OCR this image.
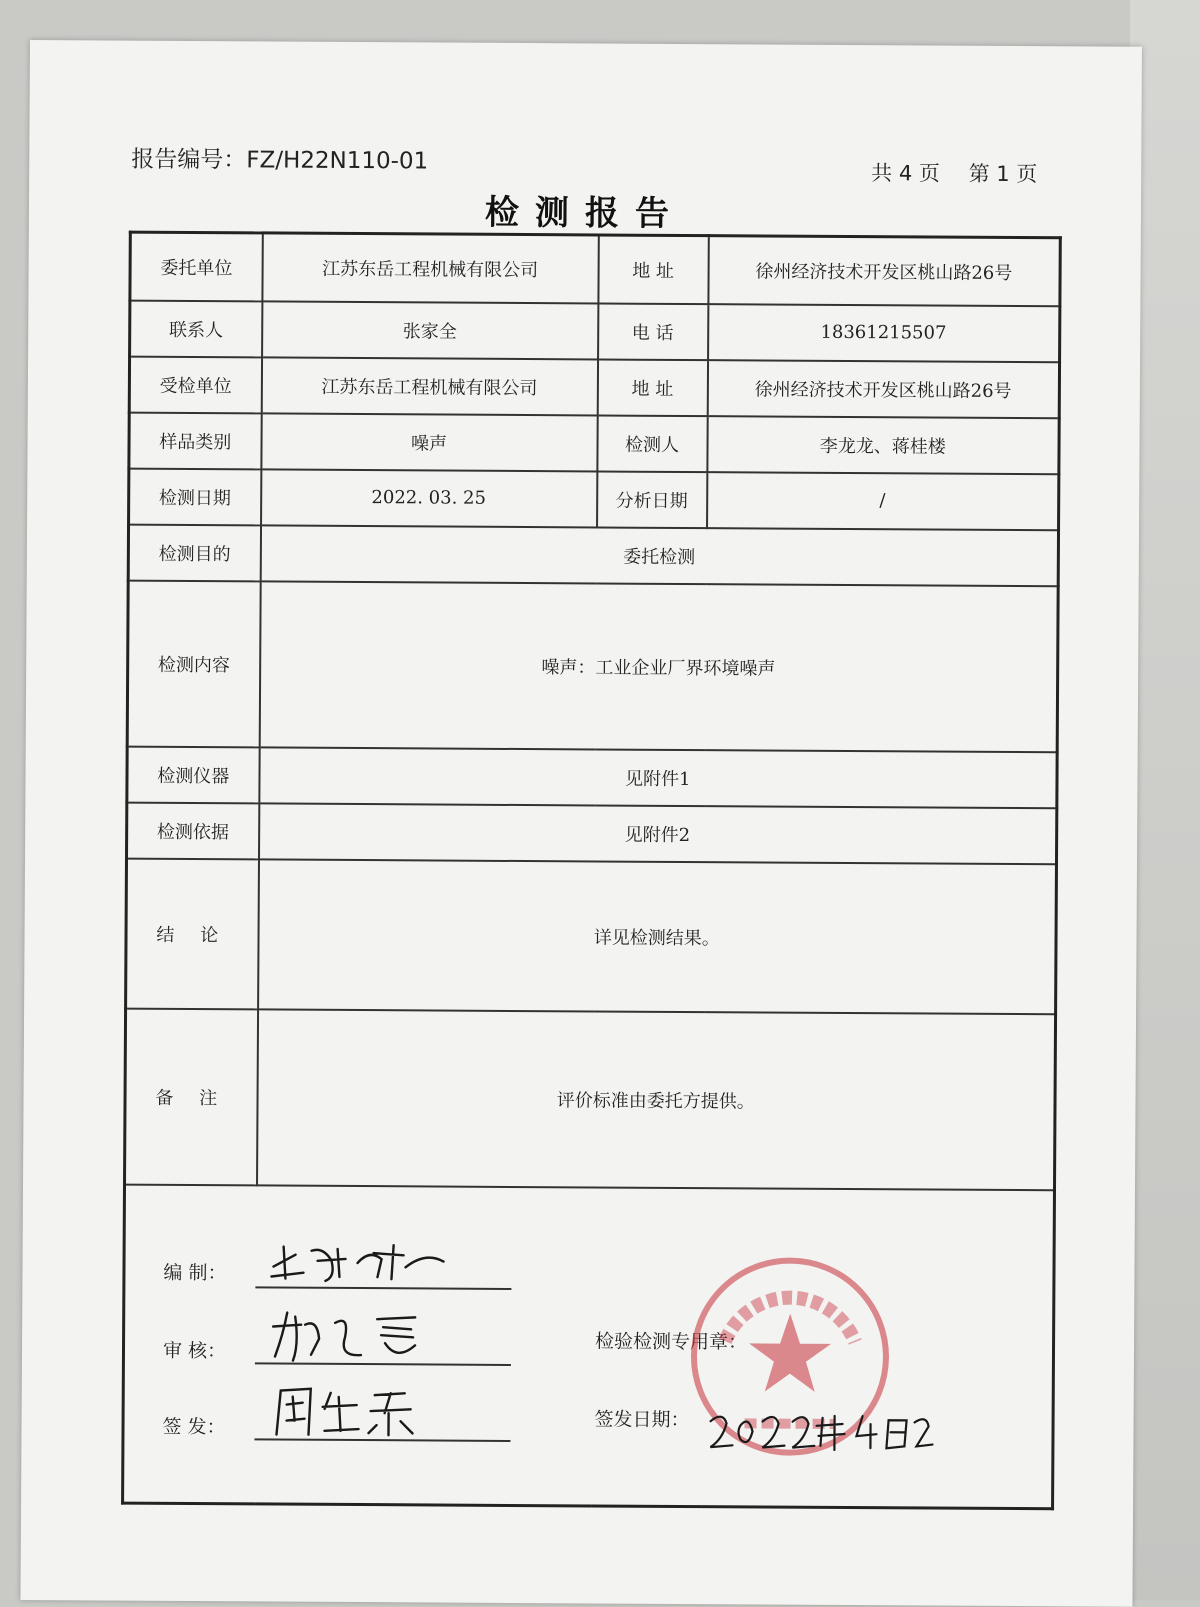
报告编号：FZ/H22N110-01	共 4 页 第 1 页
检测报告
委托单位	江苏东岳工程机械有限公司	地 址	徐州经济技术开发区桃山路26号
联系人	张家全	电 话	18361215507
受检单位	江苏东岳工程机械有限公司	地 址	徐州经济技术开发区桃山路26号
样品类别	噪声	检测人	李龙龙、蒋桂楼
检测日期	2022. 03. 25	分析日期	/
检测目的	委托检测		
检测内容	噪声：工业企业厂界环境噪声		
检测仪器	见附件1		
检测依据	见附件2		
结 论	详见检测结果。		
备 注	评价标准由委托方提供。		

编 制：
审 核：
签 发：
检验检测专用章：
签发日期：			
